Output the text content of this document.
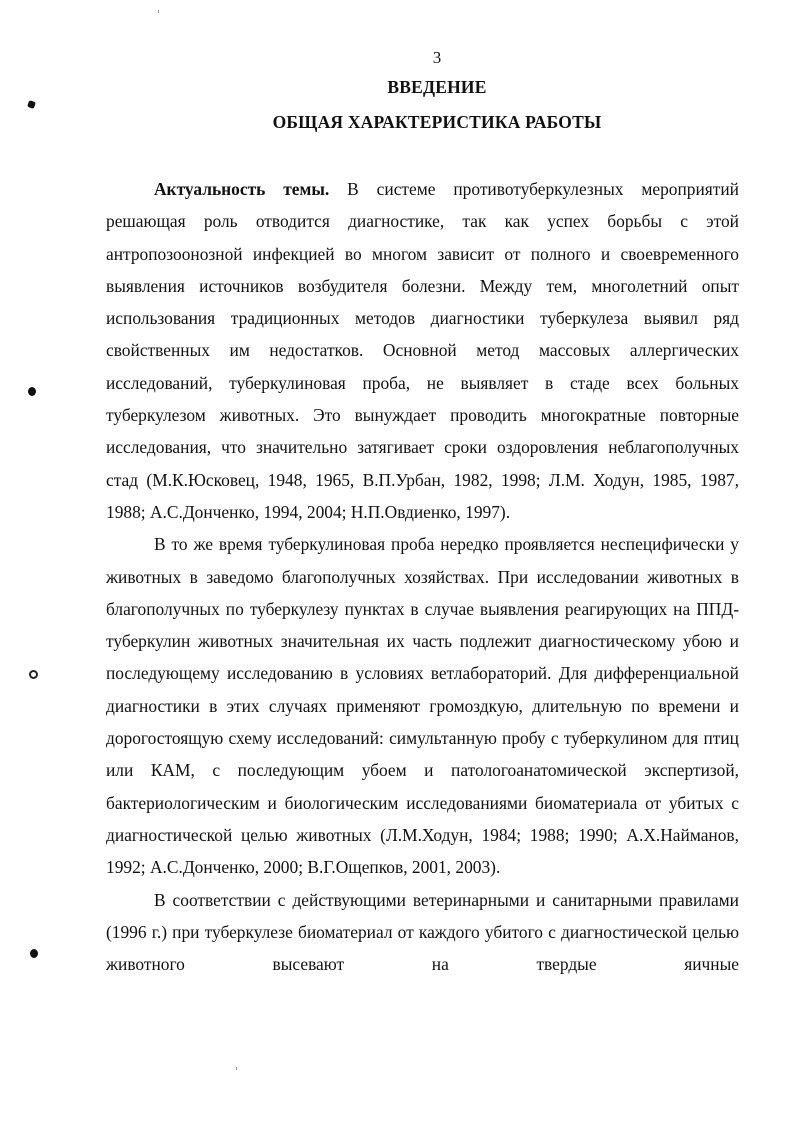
3
ВВЕДЕНИЕ
ОБЩАЯ ХАРАКТЕРИСТИКА РАБОТЫ

Актуальность темы. В системе противотуберкулезных мероприятий решающая роль отводится диагностике, так как успех борьбы с этой антропозоонозной инфекцией во многом зависит от полного и своевременного выявления источников возбудителя болезни. Между тем, многолетний опыт использования традиционных методов диагностики туберкулеза выявил ряд свойственных им недостатков. Основной метод массовых аллергических исследований, туберкулиновая проба, не выявляет в стаде всех больных туберкулезом животных. Это вынуждает проводить многократные повторные исследования, что значительно затягивает сроки оздоровления неблагополучных стад (М.К.Юсковец, 1948, 1965, В.П.Урбан, 1982, 1998; Л.М. Ходун, 1985, 1987, 1988; А.С.Донченко, 1994, 2004; Н.П.Овдиенко, 1997).

В то же время туберкулиновая проба нередко проявляется неспецифически у животных в заведомо благополучных хозяйствах. При исследовании животных в благополучных по туберкулезу пунктах в случае выявления реагирующих на ППД-туберкулин животных значительная их часть подлежит диагностическому убою и последующему исследованию в условиях ветлабораторий. Для дифференциальной диагностики в этих случаях применяют громоздкую, длительную по времени и дорогостоящую схему исследований: симультанную пробу с туберкулином для птиц или КАМ, с последующим убоем и патологоанатомической экспертизой, бактериологическим и биологическим исследованиями биоматериала от убитых с диагностической целью животных (Л.М.Ходун, 1984; 1988; 1990; А.Х.Найманов, 1992; А.С.Донченко, 2000; В.Г.Ощепков, 2001, 2003).

В соответствии с действующими ветеринарными и санитарными правилами (1996 г.) при туберкулезе биоматериал от каждого убитого с диагностической целью животного высевают на твердые яичные
